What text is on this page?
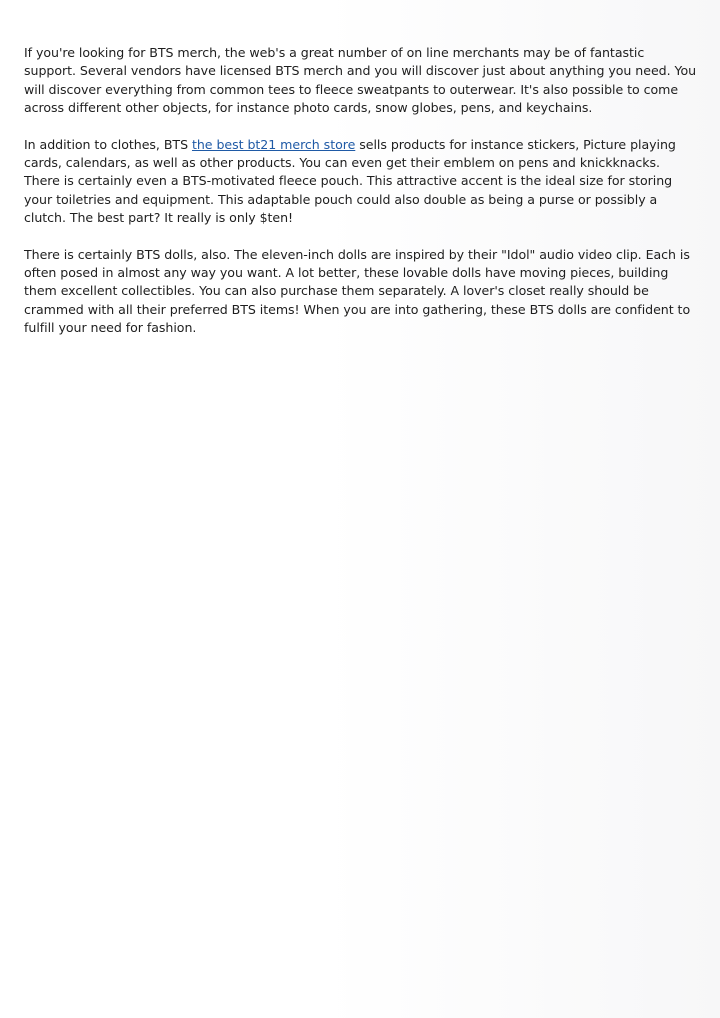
If you're looking for BTS merch, the web's a great number of on line merchants may be of fantastic support. Several vendors have licensed BTS merch and you will discover just about anything you need. You will discover everything from common tees to fleece sweatpants to outerwear. It's also possible to come across different other objects, for instance photo cards, snow globes, pens, and keychains.

In addition to clothes, BTS the best bt21 merch store sells products for instance stickers, Picture playing cards, calendars, as well as other products. You can even get their emblem on pens and knickknacks. There is certainly even a BTS-motivated fleece pouch. This attractive accent is the ideal size for storing your toiletries and equipment. This adaptable pouch could also double as being a purse or possibly a clutch. The best part? It really is only $ten!

There is certainly BTS dolls, also. The eleven-inch dolls are inspired by their "Idol" audio video clip. Each is often posed in almost any way you want. A lot better, these lovable dolls have moving pieces, building them excellent collectibles. You can also purchase them separately. A lover's closet really should be crammed with all their preferred BTS items! When you are into gathering, these BTS dolls are confident to fulfill your need for fashion.
